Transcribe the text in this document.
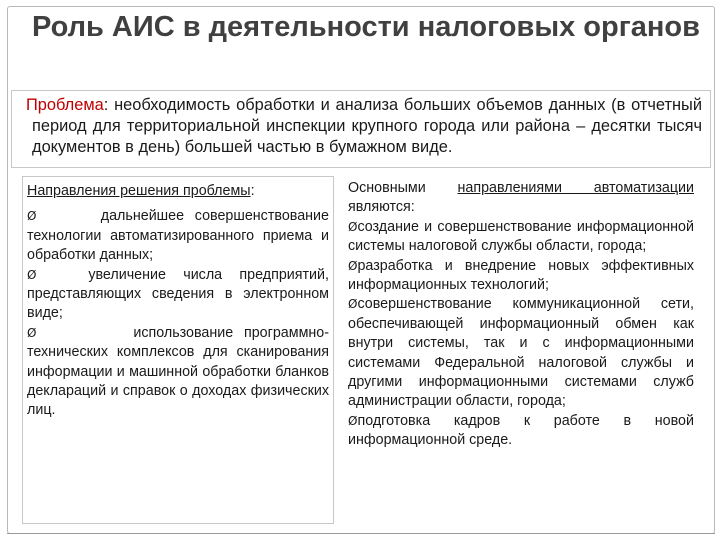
Роль АИС в деятельности налоговых органов
Проблема: необходимость обработки и анализа больших объемов данных (в отчетный период для территориальной инспекции крупного города или района – десятки тысяч документов в день) большей частью в бумажном виде.
Направления решения проблемы:
Ø	дальнейшее совершенствование технологии автоматизированного приема и обработки данных;
Ø	увеличение числа предприятий, представляющих сведения в электронном виде;
Ø	использование программно-технических комплексов для сканирования информации и машинной обработки бланков деклараций и справок о доходах физических лиц.
Основными направлениями автоматизации являются:
Øсоздание и совершенствование информационной системы налоговой службы области, города;
Øразработка и внедрение новых эффективных информационных технологий;
Øсовершенствование коммуникационной сети, обеспечивающей информационный обмен как внутри системы, так и с информационными системами Федеральной налоговой службы и другими информационными системами служб администрации области, города;
Øподготовка кадров к работе в новой информационной среде.
